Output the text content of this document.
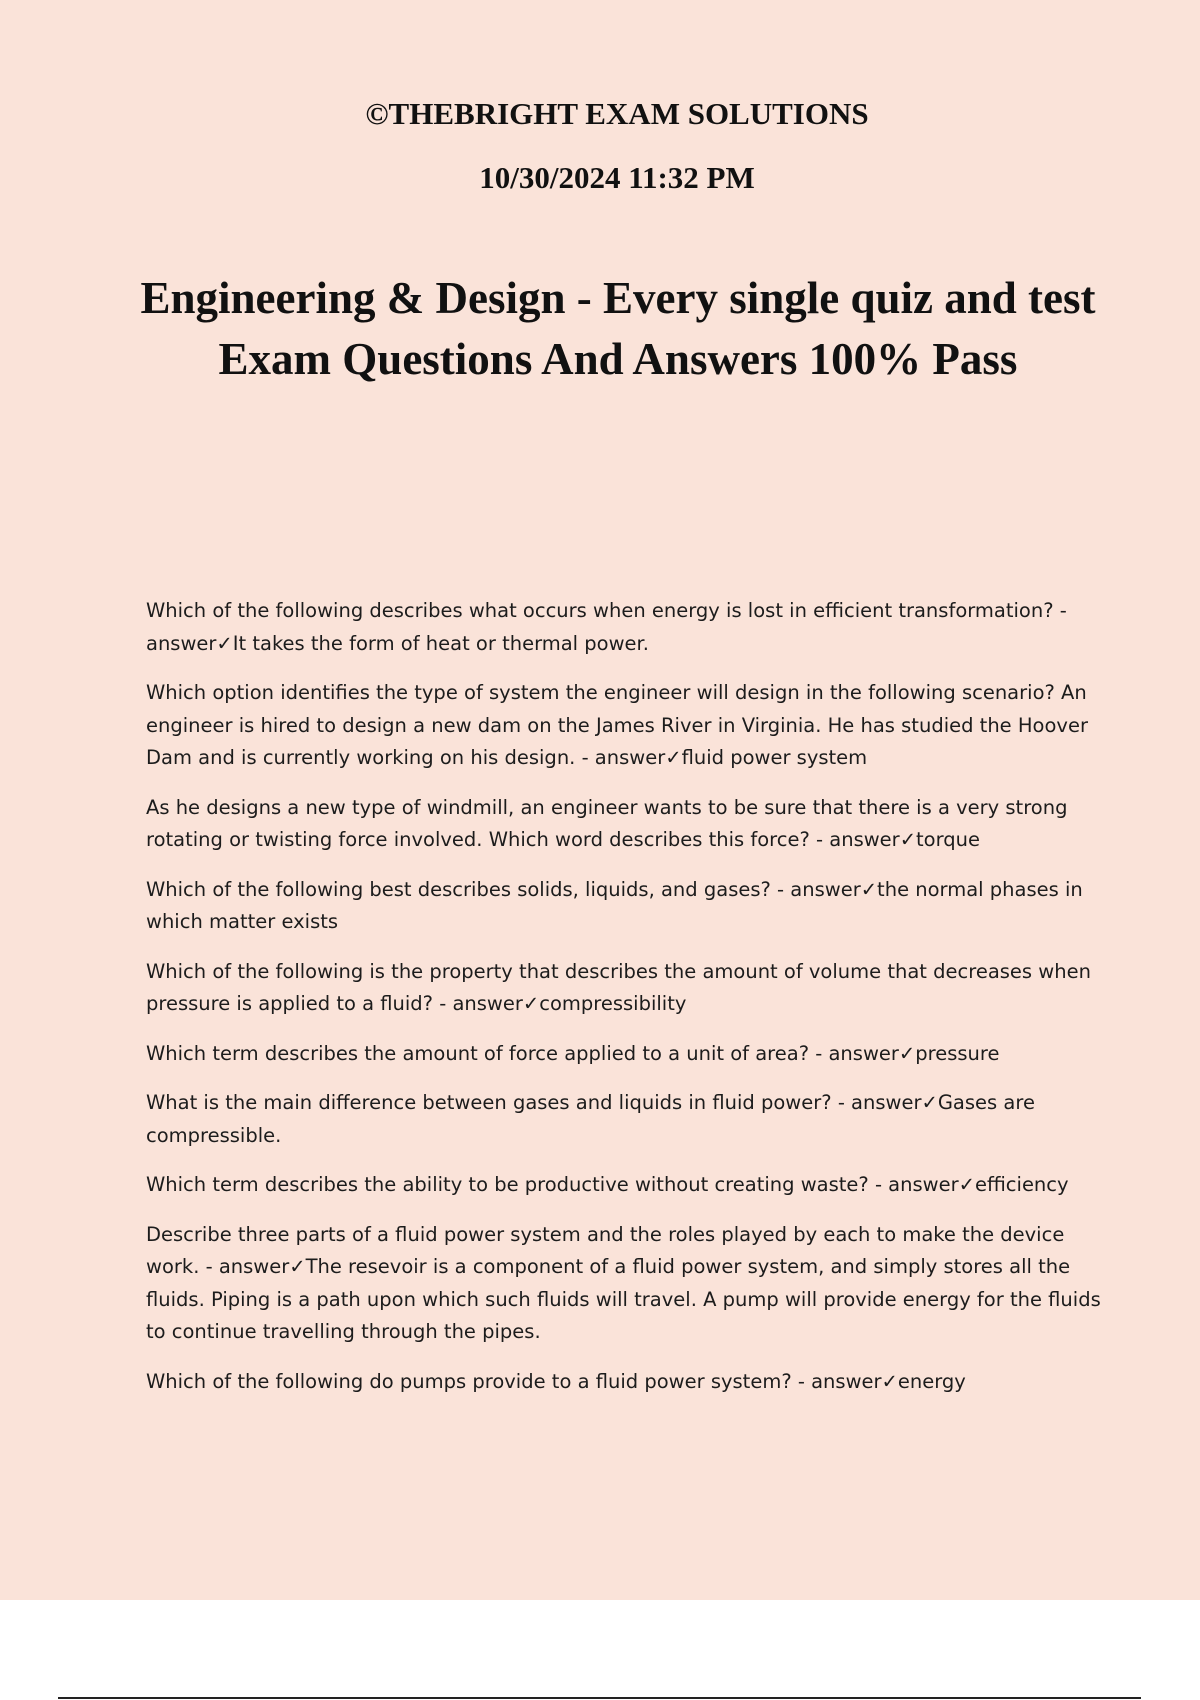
©THEBRIGHT EXAM SOLUTIONS

10/30/2024 11:32 PM

Engineering & Design - Every single quiz and test Exam Questions And Answers 100% Pass
Which of the following describes what occurs when energy is lost in efficient transformation? - answer✓It takes the form of heat or thermal power.
Which option identifies the type of system the engineer will design in the following scenario? An engineer is hired to design a new dam on the James River in Virginia. He has studied the Hoover Dam and is currently working on his design. - answer✓fluid power system
As he designs a new type of windmill, an engineer wants to be sure that there is a very strong rotating or twisting force involved. Which word describes this force? - answer✓torque
Which of the following best describes solids, liquids, and gases? - answer✓the normal phases in which matter exists
Which of the following is the property that describes the amount of volume that decreases when pressure is applied to a fluid? - answer✓compressibility
Which term describes the amount of force applied to a unit of area? - answer✓pressure
What is the main difference between gases and liquids in fluid power? - answer✓Gases are compressible.
Which term describes the ability to be productive without creating waste? - answer✓efficiency
Describe three parts of a fluid power system and the roles played by each to make the device work. - answer✓The resevoir is a component of a fluid power system, and simply stores all the fluids. Piping is a path upon which such fluids will travel. A pump will provide energy for the fluids to continue travelling through the pipes.
Which of the following do pumps provide to a fluid power system? - answer✓energy
